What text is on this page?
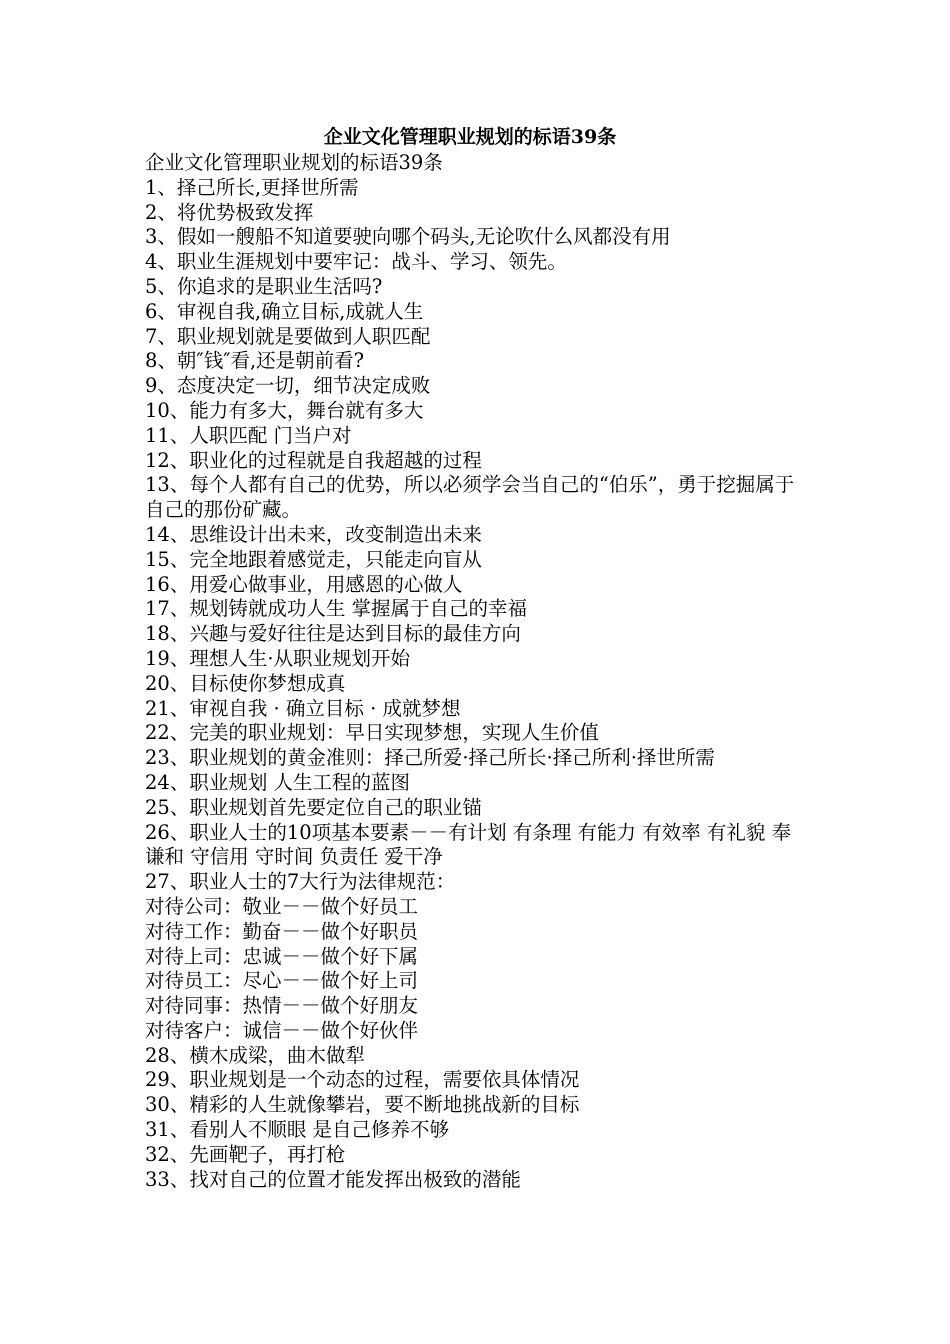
企业文化管理职业规划的标语39条

企业文化管理职业规划的标语39条

1、择己所长,更择世所需

2、将优势极致发挥

3、假如一艘船不知道要驶向哪个码头,无论吹什么风都没有用

4、职业生涯规划中要牢记：战斗、学习、领先。

5、你追求的是职业生活吗?

6、审视自我,确立目标,成就人生

7、职业规划就是要做到人职匹配

8、朝″钱″看,还是朝前看?

9、态度决定一切，细节决定成败

10、能力有多大，舞台就有多大

11、人职匹配 门当户对

12、职业化的过程就是自我超越的过程

13、每个人都有自己的优势，所以必须学会当自己的“伯乐”，勇于挖掘属于自己的那份矿藏。

14、思维设计出未来，改变制造出未来

15、完全地跟着感觉走，只能走向盲从

16、用爱心做事业，用感恩的心做人

17、规划铸就成功人生 掌握属于自己的幸福

18、兴趣与爱好往往是达到目标的最佳方向

19、理想人生·从职业规划开始

20、目标使你梦想成真

21、审视自我 · 确立目标 · 成就梦想

22、完美的职业规划：早日实现梦想，实现人生价值

23、职业规划的黄金准则：择己所爱·择己所长·择己所利·择世所需

24、职业规划 人生工程的蓝图

25、职业规划首先要定位自己的职业锚

26、职业人士的10项基本要素－－有计划 有条理 有能力 有效率 有礼貌 奉谦和 守信用 守时间 负责任 爱干净

27、职业人士的7大行为法律规范：

对待公司：敬业－－做个好员工

对待工作：勤奋－－做个好职员

对待上司：忠诚－－做个好下属

对待员工：尽心－－做个好上司

对待同事：热情－－做个好朋友

对待客户：诚信－－做个好伙伴

28、横木成梁，曲木做犁

29、职业规划是一个动态的过程，需要依具体情况

30、精彩的人生就像攀岩，要不断地挑战新的目标

31、看别人不顺眼 是自己修养不够

32、先画靶子，再打枪

33、找对自己的位置才能发挥出极致的潜能
